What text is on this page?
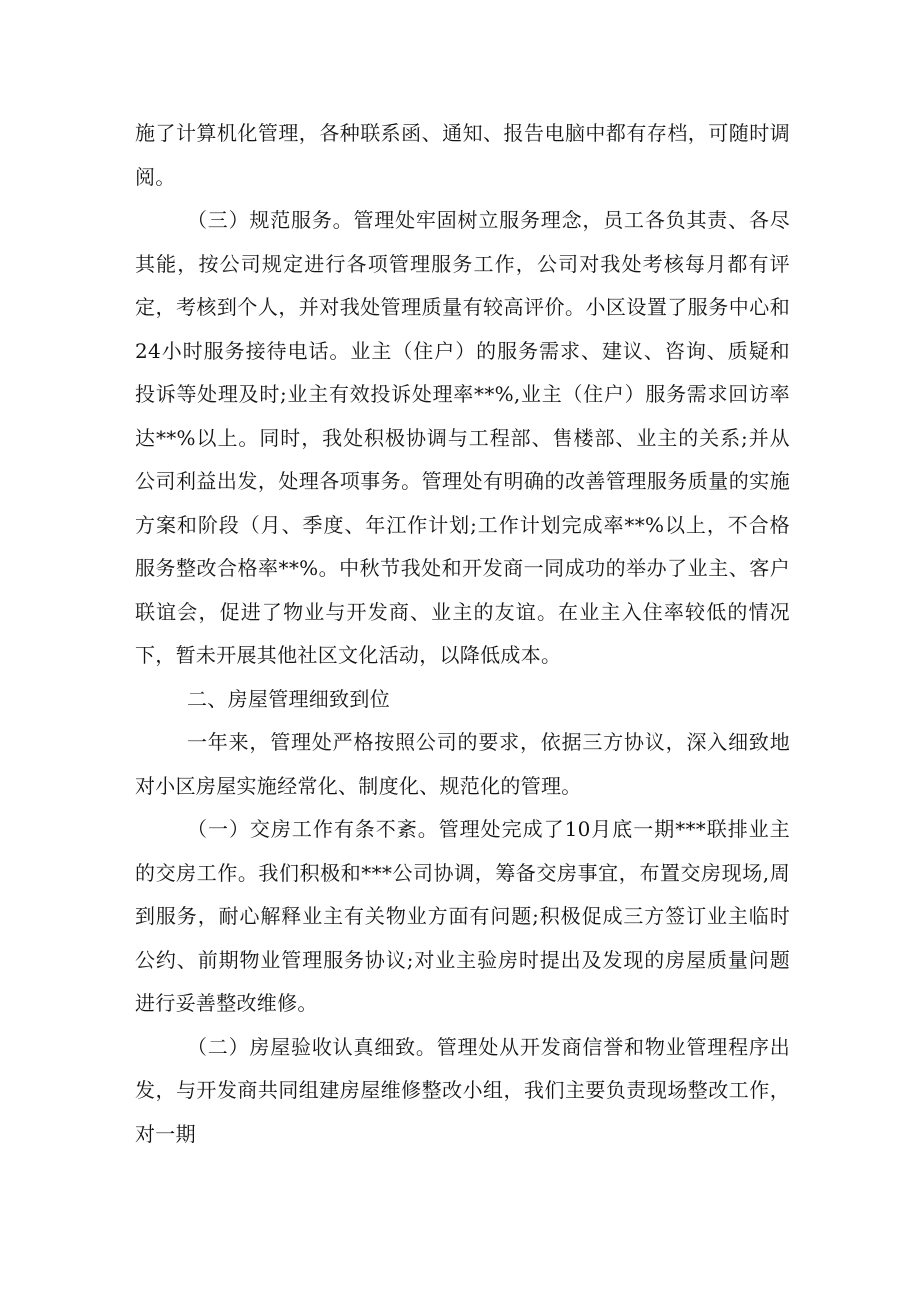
施了计算机化管理，各种联系函、通知、报告电脑中都有存档，可随时调阅。

（三）规范服务。管理处牢固树立服务理念，员工各负其责、各尽其能，按公司规定进行各项管理服务工作，公司对我处考核每月都有评定，考核到个人，并对我处管理质量有较高评价。小区设置了服务中心和24小时服务接待电话。业主（住户）的服务需求、建议、咨询、质疑和投诉等处理及时;业主有效投诉处理率**%,业主（住户）服务需求回访率达**%以上。同时，我处积极协调与工程部、售楼部、业主的关系;并从公司利益出发，处理各项事务。管理处有明确的改善管理服务质量的实施方案和阶段（月、季度、年江作计划;工作计划完成率**%以上，不合格服务整改合格率**%。中秋节我处和开发商一同成功的举办了业主、客户联谊会，促进了物业与开发商、业主的友谊。在业主入住率较低的情况下，暂未开展其他社区文化活动，以降低成本。

二、房屋管理细致到位

一年来，管理处严格按照公司的要求，依据三方协议，深入细致地对小区房屋实施经常化、制度化、规范化的管理。

（一）交房工作有条不紊。管理处完成了10月底一期***联排业主的交房工作。我们积极和***公司协调，筹备交房事宜，布置交房现场,周到服务，耐心解释业主有关物业方面有问题;积极促成三方签订业主临时公约、前期物业管理服务协议;对业主验房时提出及发现的房屋质量问题进行妥善整改维修。

（二）房屋验收认真细致。管理处从开发商信誉和物业管理程序出发，与开发商共同组建房屋维修整改小组，我们主要负责现场整改工作，对一期
